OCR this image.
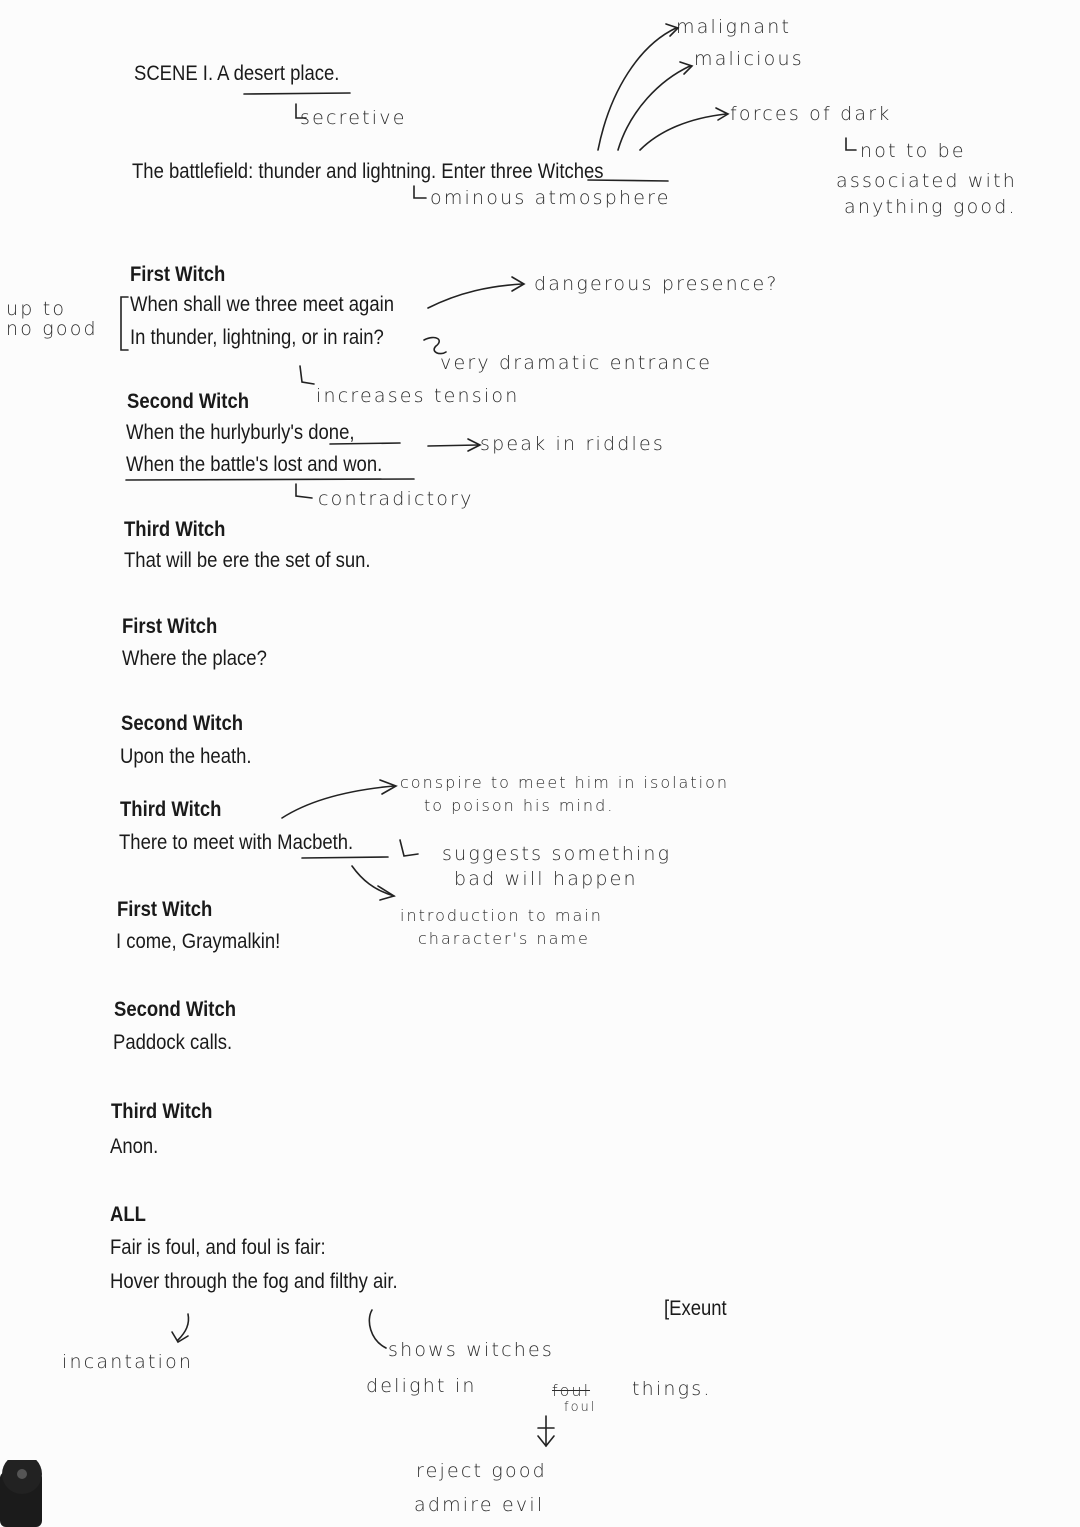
SCENE I. A desert place.
The battlefield: thunder and lightning. Enter three Witches
First Witch
When shall we three meet again
In thunder, lightning, or in rain?
Second Witch
When the hurlyburly's done,
When the battle's lost and won.
Third Witch
That will be ere the set of sun.
First Witch
Where the place?
Second Witch
Upon the heath.
Third Witch
There to meet with Macbeth.
First Witch
I come, Graymalkin!
Second Witch
Paddock calls.
Third Witch
Anon.
ALL
Fair is foul, and foul is fair:
Hover through the fog and filthy air.
[Exeunt
secretive
malignant
malicious
forces of dark
not to be
associated with
anything good.
ominous atmosphere
dangerous presence?
up to
no good
very dramatic entrance
increases tension
speak in riddles
contradictory
conspire to meet him in isolation
to poison his mind.
suggests something
bad will happen
introduction to main
character's name
incantation
shows witches
delight in	foul things.
foul
reject good
admire evil
